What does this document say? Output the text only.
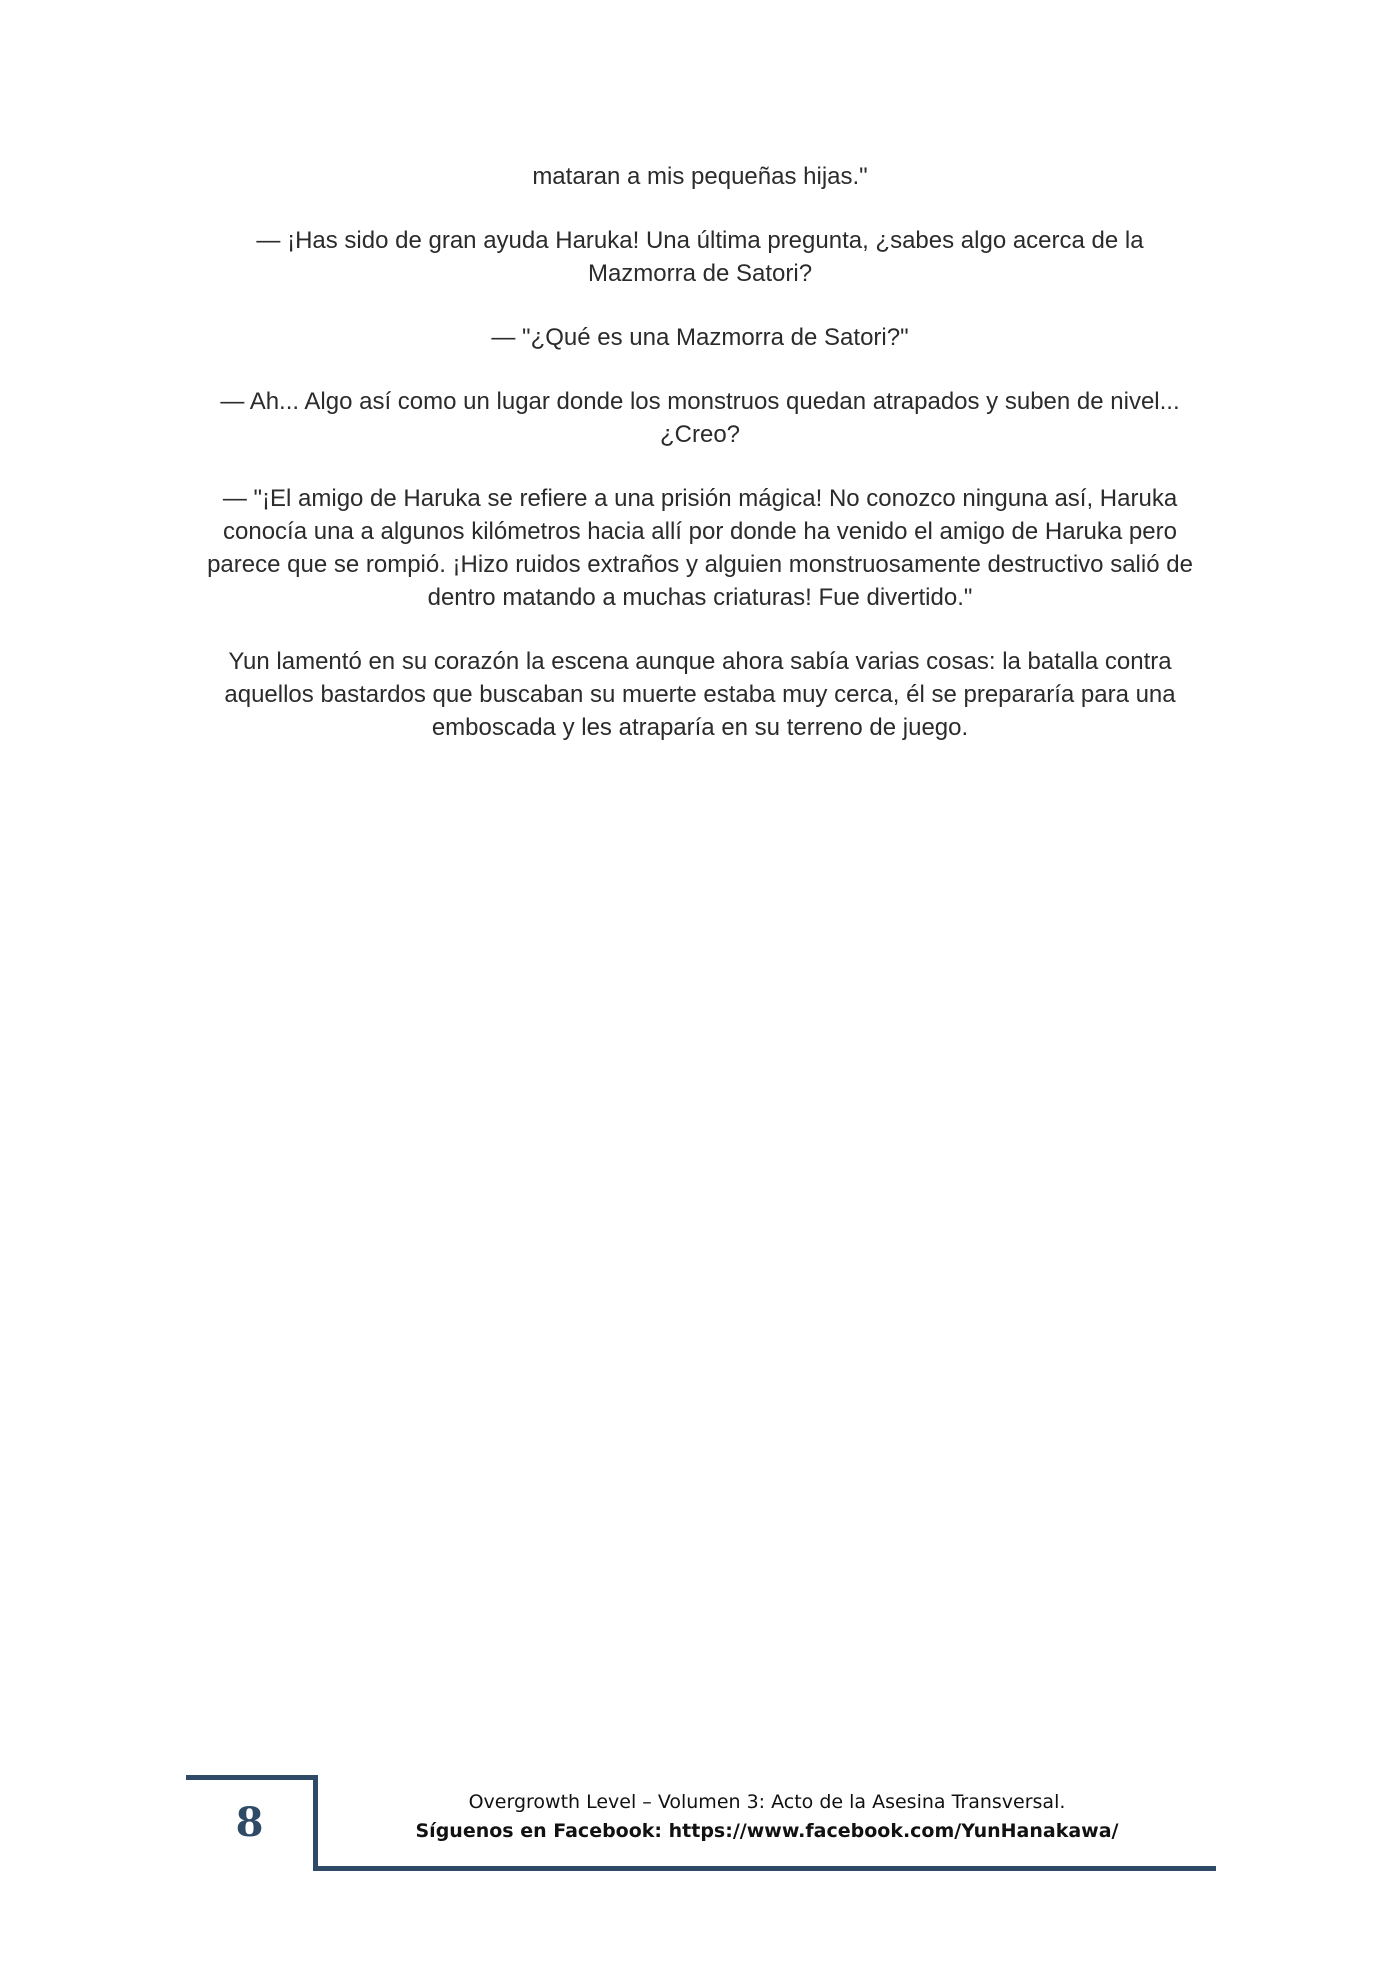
mataran a mis pequeñas hijas."

— ¡Has sido de gran ayuda Haruka! Una última pregunta, ¿sabes algo acerca de la Mazmorra de Satori?

— "¿Qué es una Mazmorra de Satori?"

— Ah... Algo así como un lugar donde los monstruos quedan atrapados y suben de nivel... ¿Creo?

— "¡El amigo de Haruka se refiere a una prisión mágica! No conozco ninguna así, Haruka conocía una a algunos kilómetros hacia allí por donde ha venido el amigo de Haruka pero parece que se rompió. ¡Hizo ruidos extraños y alguien monstruosamente destructivo salió de dentro matando a muchas criaturas! Fue divertido."

Yun lamentó en su corazón la escena aunque ahora sabía varias cosas: la batalla contra aquellos bastardos que buscaban su muerte estaba muy cerca, él se prepararía para una emboscada y les atraparía en su terreno de juego.

8	Overgrowth Level – Volumen 3: Acto de la Asesina Transversal.
Síguenos en Facebook: https://www.facebook.com/YunHanakawa/
